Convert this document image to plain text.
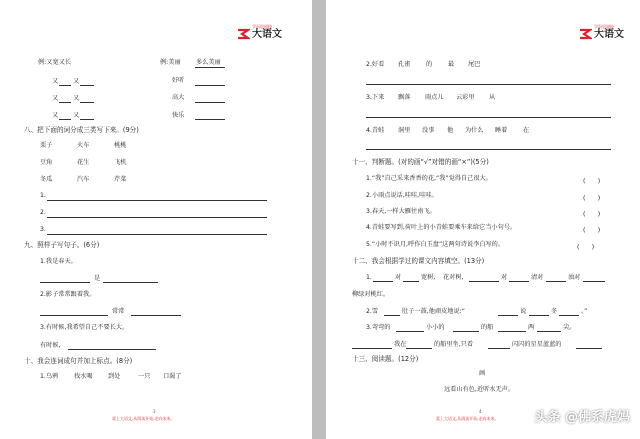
学而思网校
大语文
例:又宽又长
又 又
又 又
又 又
例:美丽 多么美丽
好听
高大
快乐
八、把下面的词分成三类写下来。(9分)
栗子	火车	桃桃
豆角	花生	飞机
冬瓜	汽车	芹菜
1.
2.
3.
九、照样子写句子。(6分)
1.我是春天。
是
2.影子常常跟着我。
常常
3.有时候,我希望自己不要长大。
有时候,
十、我会连词成句并加上标点。(8分)
1.乌鸦	找水喝 到处	一只 口渴了
3
爱上大语文,从阅读开始,走向未来。
学而思网校
大语文
2.好看 孔雀	的	最 尾巴
3.下来 飘落 雨点儿 云彩里 从
4.青蛙 洞里 没事 他 为什么 睡着	在
十一、判断题。(对的画“√”对错的画“×”)(5分)
1.“我”自己采来香香的花,“我”觉得自己很大。	(　　)
2.小雨点说话,哇哇,哇哇。	(　　)
3.春天,一样大雁往南飞。	(　　)
4.青蛙要写到,荷叶上的小青蛙要乘车来给它当小句号。	(　　)
5.“小时不识月,呼作白玉盘”这两句诗说李白写的。	(　　)
十二、我会根据学过的课文内容填空。(13分)
1.	对	宽树, 花对树,	对	清对	浊对
柳绿对桃红。
2.雪	肚子一鼓,他顽皮地说:“	说	冬	。”
3.弯弯的	小小的	的船	两	尖。
我在	的船里坐,只看	闪闪的星星蓝蓝的
十三、阅读题。(12分)
画
远看山有色,近听水无声。
4
爱上大语文,从阅读开始,走向未来。	头条 @佛系虎妈
